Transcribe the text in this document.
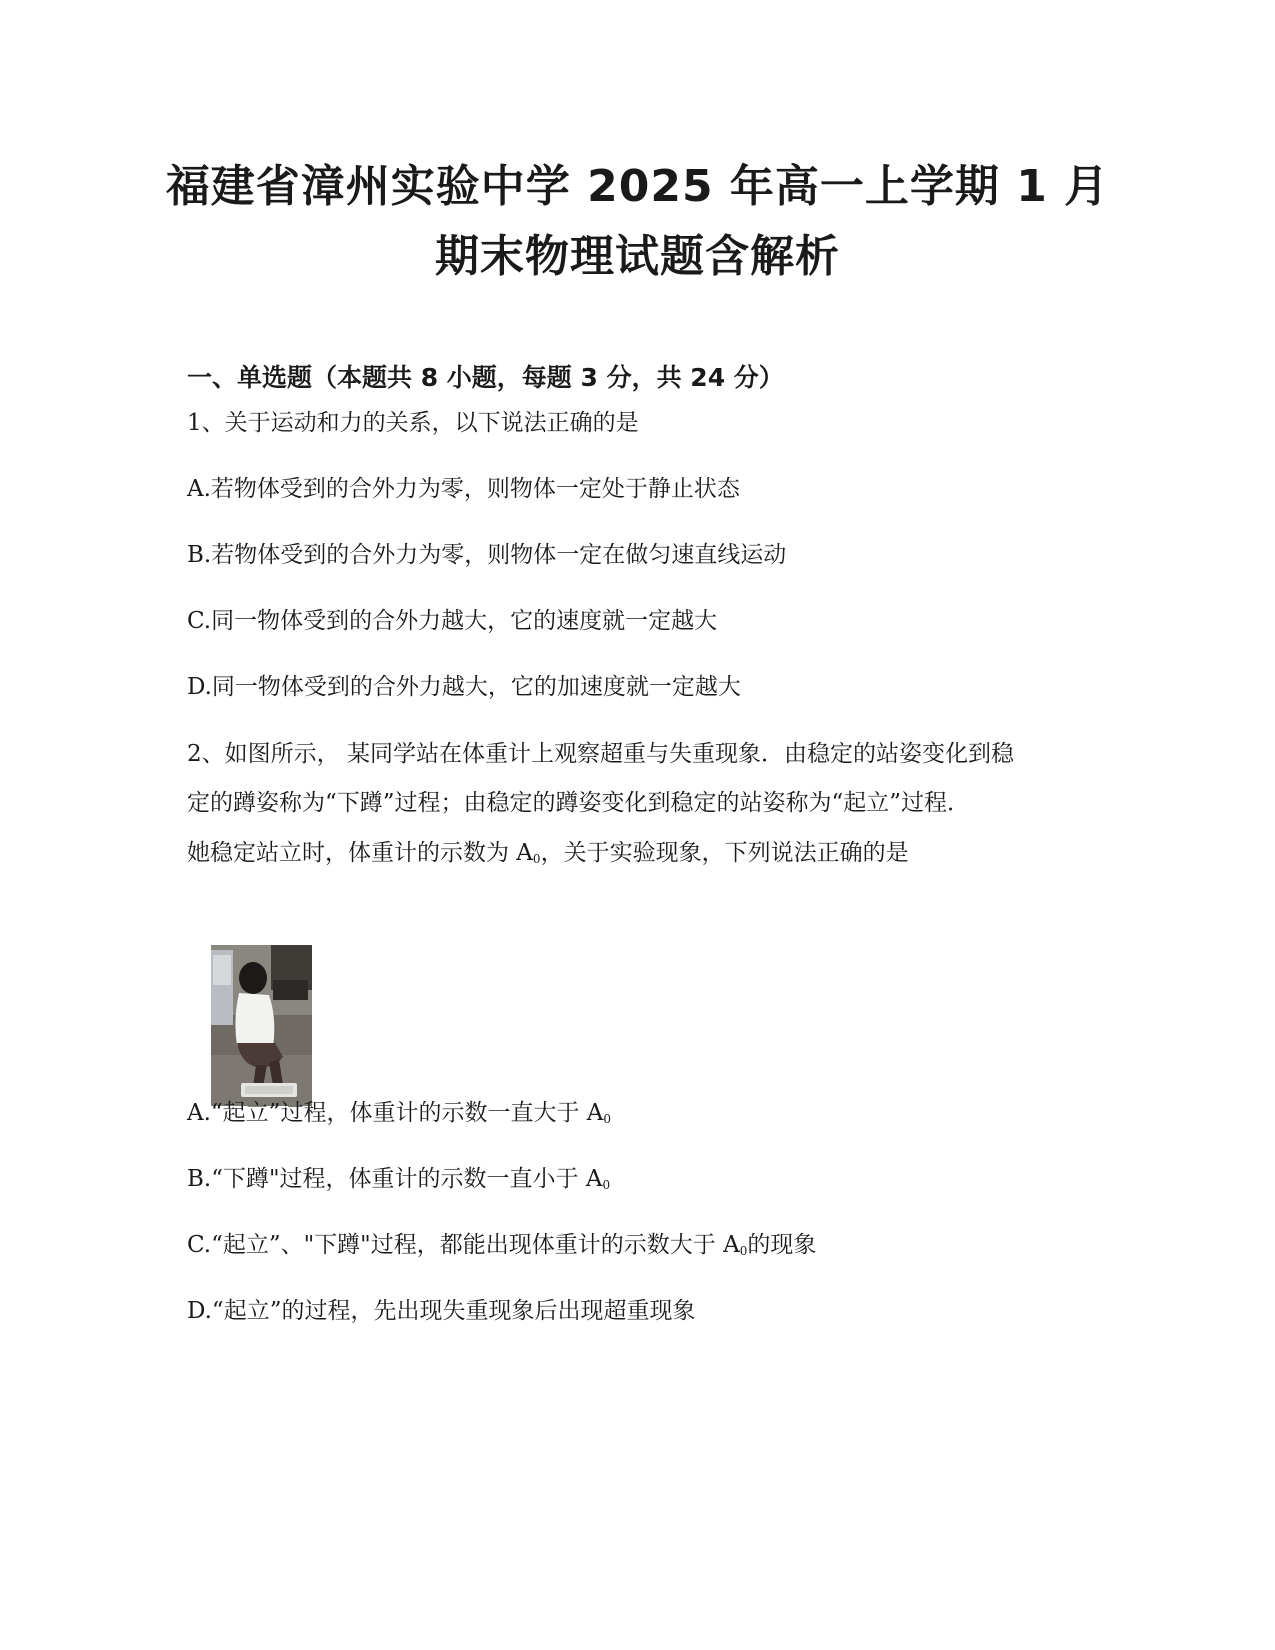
福建省漳州实验中学 2025 年高一上学期 1 月
期末物理试题含解析
一、单选题（本题共 8 小题，每题 3 分，共 24 分）
1、关于运动和力的关系，以下说法正确的是
A.若物体受到的合外力为零，则物体一定处于静止状态
B.若物体受到的合外力为零，则物体一定在做匀速直线运动
C.同一物体受到的合外力越大，它的速度就一定越大
D.同一物体受到的合外力越大，它的加速度就一定越大
2、如图所示， 某同学站在体重计上观察超重与失重现象．由稳定的站姿变化到稳
定的蹲姿称为“下蹲”过程；由稳定的蹲姿变化到稳定的站姿称为“起立”过程．
她稳定站立时，体重计的示数为 $A_0$，关于实验现象，下列说法正确的是
A.“起立”过程，体重计的示数一直大于 $A_0$
B.“下蹲"过程，体重计的示数一直小于 $A_0$
C.“起立”、"下蹲"过程，都能出现体重计的示数大于 $A_0$的现象
D.“起立”的过程，先出现失重现象后出现超重现象
